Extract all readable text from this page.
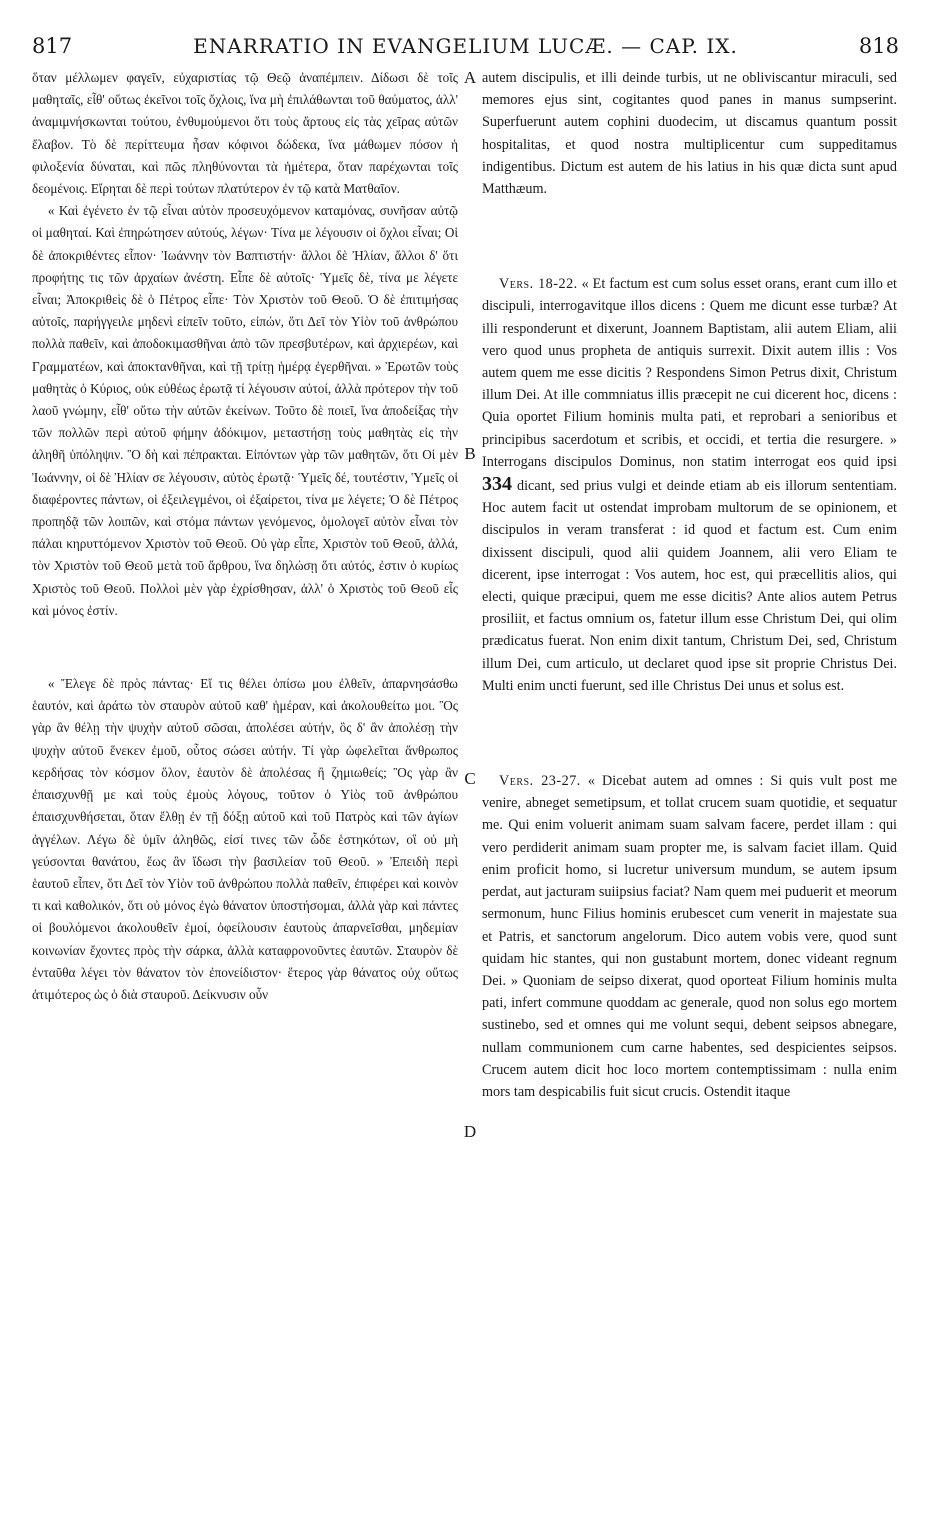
817	ENARRATIO IN EVANGELIUM LUCÆ. — CAP. IX.	818

ὅταν μέλλωμεν φαγεῖν, εὐχαριστίας τῷ Θεῷ ἀναπέμπειν. Δίδωσι δὲ τοῖς μαθηταῖς, εἶθ' οὕτως ἐκεῖνοι τοῖς ὄχλοις, ἵνα μὴ ἐπιλάθωνται τοῦ θαύματος, ἀλλ' ἀναμιμνήσκωνται τούτου, ἐνθυμούμενοι ὅτι τοὺς ἄρτους εἰς τὰς χεῖρας αὐτῶν ἔλαβον. Τὸ δὲ περίττευμα ἦσαν κόφινοι δώδεκα, ἵνα μάθωμεν πόσον ἡ φιλοξενία δύναται, καὶ πῶς πληθύνονται τὰ ἡμέτερα, ὅταν παρέχωνται τοῖς δεομένοις. Εἴρηται δὲ περὶ τούτων πλατύτερον ἐν τῷ κατὰ Ματθαῖον.

« Καὶ ἐγένετο ἐν τῷ εἶναι αὐτὸν προσευχόμενον καταμόνας, συνῆσαν αὐτῷ οἱ μαθηταί. Καὶ ἐπηρώτησεν αὐτούς, λέγων· Τίνα με λέγουσιν οἱ ὄχλοι εἶναι; Οἱ δὲ ἀποκριθέντες εἶπον· Ἰωάννην τὸν Βαπτιστήν· ἄλλοι δὲ Ἠλίαν, ἄλλοι δ' ὅτι προφήτης τις τῶν ἀρχαίων ἀνέστη. Εἶπε δὲ αὐτοῖς· Ὑμεῖς δὲ, τίνα με λέγετε εἶναι; Ἀποκριθεὶς δὲ ὁ Πέτρος εἶπε· Τὸν Χριστὸν τοῦ Θεοῦ. Ὁ δὲ ἐπιτιμήσας αὐτοῖς, παρήγγειλε μηδενὶ εἰπεῖν τοῦτο, εἰπών, ὅτι Δεῖ τὸν Υἱὸν τοῦ ἀνθρώπου πολλὰ παθεῖν, καὶ ἀποδοκιμασθῆναι ἀπὸ τῶν πρεσβυτέρων, καὶ ἀρχιερέων, καὶ Γραμματέων, καὶ ἀποκτανθῆναι, καὶ τῇ τρίτῃ ἡμέρᾳ ἐγερθῆναι. » Ἐρωτῶν τοὺς μαθητὰς ὁ Κύριος, οὐκ εὐθέως ἐρωτᾷ τί λέγουσιν αὐτοί, ἀλλὰ πρότερον τὴν τοῦ λαοῦ γνώμην, εἶθ' οὕτω τὴν αὐτῶν ἐκείνων. Τοῦτο δὲ ποιεῖ, ἵνα ἀποδείξας τὴν τῶν πολλῶν περὶ αὐτοῦ φήμην ἀδόκιμον, μεταστήσῃ τοὺς μαθητὰς εἰς τὴν ἀληθῆ ὑπόληψιν. Ὃ δὴ καὶ πέπρακται. Εἰπόντων γὰρ τῶν μαθητῶν, ὅτι Οἱ μὲν Ἰωάννην, οἱ δὲ Ἠλίαν σε λέγουσιν, αὐτὸς ἐρωτᾷ· Ὑμεῖς δέ, τουτέστιν, Ὑμεῖς οἱ διαφέροντες πάντων, οἱ ἐξειλεγμένοι, οἱ ἐξαίρετοι, τίνα με λέγετε; Ὁ δὲ Πέτρος προπηδᾷ τῶν λοιπῶν, καὶ στόμα πάντων γενόμενος, ὁμολογεῖ αὐτὸν εἶναι τὸν πάλαι κηρυττόμενον Χριστὸν τοῦ Θεοῦ. Οὐ γὰρ εἶπε, Χριστὸν τοῦ Θεοῦ, ἀλλά, τὸν Χριστὸν τοῦ Θεοῦ μετὰ τοῦ ἄρθρου, ἵνα δηλώσῃ ὅτι αὐτός, ἐστιν ὁ κυρίως Χριστὸς τοῦ Θεοῦ. Πολλοὶ μὲν γὰρ ἐχρίσθησαν, ἀλλ' ὁ Χριστὸς τοῦ Θεοῦ εἷς καὶ μόνος ἐστίν.

« Ἔλεγε δὲ πρὸς πάντας· Εἴ τις θέλει ὀπίσω μου ἐλθεῖν, ἀπαρνησάσθω ἑαυτόν, καὶ ἀράτω τὸν σταυρὸν αὐτοῦ καθ' ἡμέραν, καὶ ἀκολουθείτω μοι. Ὃς γὰρ ἂν θέλῃ τὴν ψυχὴν αὐτοῦ σῶσαι, ἀπολέσει αὐτήν, ὃς δ' ἂν ἀπολέσῃ τὴν ψυχὴν αὐτοῦ ἕνεκεν ἐμοῦ, οὗτος σώσει αὐτήν. Τί γὰρ ὠφελεῖται ἄνθρωπος κερδήσας τὸν κόσμον ὅλον, ἑαυτὸν δὲ ἀπολέσας ἢ ζημιωθείς; Ὃς γὰρ ἂν ἐπαισχυνθῇ με καὶ τοὺς ἐμοὺς λόγους, τοῦτον ὁ Υἱὸς τοῦ ἀνθρώπου ἐπαισχυνθήσεται, ὅταν ἔλθῃ ἐν τῇ δόξῃ αὐτοῦ καὶ τοῦ Πατρὸς καὶ τῶν ἁγίων ἀγγέλων. Λέγω δὲ ὑμῖν ἀληθῶς, εἰσί τινες τῶν ὧδε ἑστηκότων, οἳ οὐ μὴ γεύσονται θανάτου, ἕως ἂν ἴδωσι τὴν βασιλείαν τοῦ Θεοῦ. » Ἐπειδὴ περὶ ἑαυτοῦ εἶπεν, ὅτι Δεῖ τὸν Υἱὸν τοῦ ἀνθρώπου πολλὰ παθεῖν, ἐπιφέρει καὶ κοινὸν τι καὶ καθολικόν, ὅτι οὐ μόνος ἐγὼ θάνατον ὑποστήσομαι, ἀλλὰ γὰρ καὶ πάντες οἱ βουλόμενοι ἀκολουθεῖν ἐμοί, ὀφείλουσιν ἑαυτοὺς ἀπαρνεῖσθαι, μηδεμίαν κοινωνίαν ἔχοντες πρὸς τὴν σάρκα, ἀλλὰ καταφρονοῦντες ἑαυτῶν. Σταυρὸν δὲ ἐνταῦθα λέγει τὸν θάνατον τὸν ἐπονείδιστον· ἕτερος γὰρ θάνατος οὐχ οὕτως ἀτιμότερος ὡς ὁ διὰ σταυροῦ. Δείκνυσιν οὖν

A
B
C
D

autem discipulis, et illi deinde turbis, ut ne obliviscantur miraculi, sed memores ejus sint, cogitantes quod panes in manus sumpserint. Superfuerunt autem cophini duodecim, ut discamus quantum possit hospitalitas, et quod nostra multiplicentur cum suppeditamus indigentibus. Dictum est autem de his latius in his quæ dicta sunt apud Matthæum.

Vers. 18-22. « Et factum est cum solus esset orans, erant cum illo et discipuli, interrogavitque illos dicens : Quem me dicunt esse turbæ? At illi responderunt et dixerunt, Joannem Baptistam, alii autem Eliam, alii vero quod unus propheta de antiquis surrexit. Dixit autem illis : Vos autem quem me esse dicitis ? Respondens Simon Petrus dixit, Christum illum Dei. At ille commniatus illis præcepit ne cui dicerent hoc, dicens : Quia oportet Filium hominis multa pati, et reprobari a senioribus et principibus sacerdotum et scribis, et occidi, et tertia die resurgere. » Interrogans discipulos Dominus, non statim interrogat eos quid ipsi 334 dicant, sed prius vulgi et deinde etiam ab eis illorum sententiam. Hoc autem facit ut ostendat improbam multorum de se opinionem, et discipulos in veram transferat : id quod et factum est. Cum enim dixissent discipuli, quod alii quidem Joannem, alii vero Eliam te dicerent, ipse interrogat : Vos autem, hoc est, qui præcellitis alios, qui electi, quique præcipui, quem me esse dicitis? Ante alios autem Petrus prosiliit, et factus omnium os, fatetur illum esse Christum Dei, qui olim prædicatus fuerat. Non enim dixit tantum, Christum Dei, sed, Christum illum Dei, cum articulo, ut declaret quod ipse sit proprie Christus Dei. Multi enim uncti fuerunt, sed ille Christus Dei unus et solus est.

Vers. 23-27. « Dicebat autem ad omnes : Si quis vult post me venire, abneget semetipsum, et tollat crucem suam quotidie, et sequatur me. Qui enim voluerit animam suam salvam facere, perdet illam : qui vero perdiderit animam suam propter me, is salvam faciet illam. Quid enim proficit homo, si lucretur universum mundum, se autem ipsum perdat, aut jacturam suiipsius faciat? Nam quem mei puduerit et meorum sermonum, hunc Filius hominis erubescet cum venerit in majestate sua et Patris, et sanctorum angelorum. Dico autem vobis vere, quod sunt quidam hic stantes, qui non gustabunt mortem, donec videant regnum Dei. » Quoniam de seipso dixerat, quod oporteat Filium hominis multa pati, infert commune quoddam ac generale, quod non solus ego mortem sustinebo, sed et omnes qui me volunt sequi, debent seipsos abnegare, nullam communionem cum carne habentes, sed despicientes seipsos. Crucem autem dicit hoc loco mortem contemptissimam : nulla enim mors tam despicabilis fuit sicut crucis. Ostendit itaque
